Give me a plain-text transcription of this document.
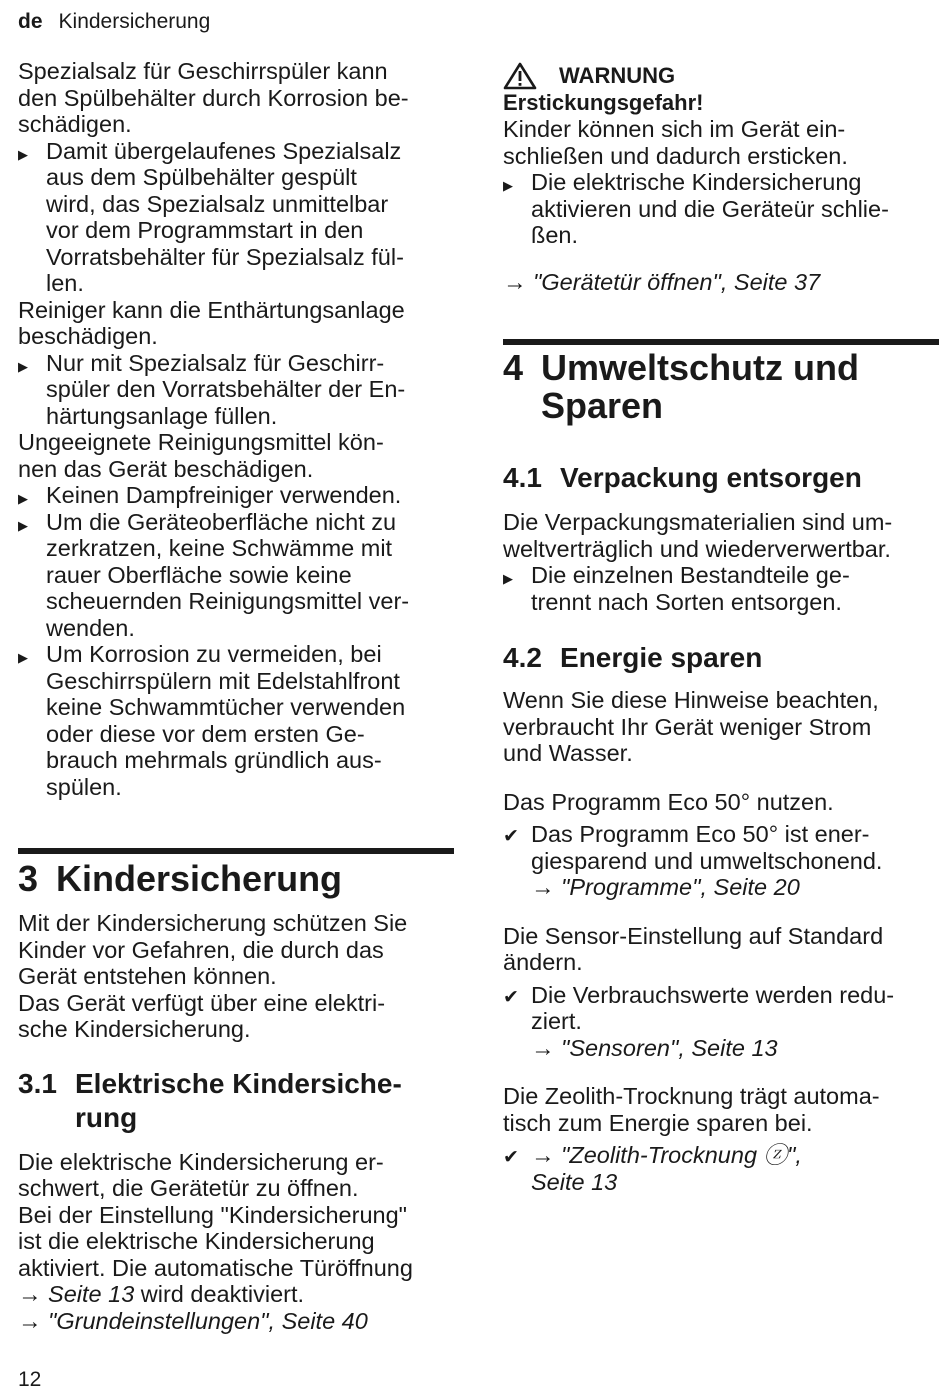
de Kindersicherung

Spezialsalz für Geschirrspüler kann
den Spülbehälter durch Korrosion be-
schädigen.

▶ Damit übergelaufenes Spezialsalz
aus dem Spülbehälter gespült
wird, das Spezialsalz unmittelbar
vor dem Programmstart in den
Vorratsbehälter für Spezialsalz fül-
len.

Reiniger kann die Enthärtungsanlage
beschädigen.

▶ Nur mit Spezialsalz für Geschirr-
spüler den Vorratsbehälter der En-
härtungsanlage füllen.

Ungeeignete Reinigungsmittel kön-
nen das Gerät beschädigen.

▶ Keinen Dampfreiniger verwenden.
▶ Um die Geräteoberfläche nicht zu
zerkratzen, keine Schwämme mit
rauer Oberfläche sowie keine
scheuernden Reinigungsmittel ver-
wenden.
▶ Um Korrosion zu vermeiden, bei
Geschirrspülern mit Edelstahlfront
keine Schwammtücher verwenden
oder diese vor dem ersten Ge-
brauch mehrmals gründlich aus-
spülen.
3 Kindersicherung

Mit der Kindersicherung schützen Sie
Kinder vor Gefahren, die durch das
Gerät entstehen können.

Das Gerät verfügt über eine elektri-
sche Kindersicherung.

3.1 Elektrische Kindersiche-
rung

Die elektrische Kindersicherung er-
schwert, die Gerätetür zu öffnen.

Bei der Einstellung "Kindersicherung"
ist die elektrische Kindersicherung
aktiviert. Die automatische Türöffnung
→ Seite 13 wird deaktiviert.

→ "Grundeinstellungen", Seite 40

WARNUNG
Erstickungsgefahr!

Kinder können sich im Gerät ein-
schließen und dadurch ersticken.

▶ Die elektrische Kindersicherung
aktivieren und die Geräteür schlie-
ßen.

→ "Gerätetür öffnen", Seite 37

4 Umweltschutz und
Sparen
4.1 Verpackung entsorgen

Die Verpackungsmaterialien sind um-
weltverträglich und wiederverwertbar.

▶ Die einzelnen Bestandteile ge-
trennt nach Sorten entsorgen.
4.2 Energie sparen

Wenn Sie diese Hinweise beachten,
verbraucht Ihr Gerät weniger Strom
und Wasser.

Das Programm Eco 50° nutzen.

✔ Das Programm Eco 50° ist ener-
giesparend und umweltschonend.
→ "Programme", Seite 20

Die Sensor-Einstellung auf Standard
ändern.

✔ Die Verbrauchswerte werden redu-
ziert.
→ "Sensoren", Seite 13

Die Zeolith-Trocknung trägt automa-
tisch zum Energie sparen bei.

✔ → "Zeolith-Trocknung ⓩ",
Seite 13
12
